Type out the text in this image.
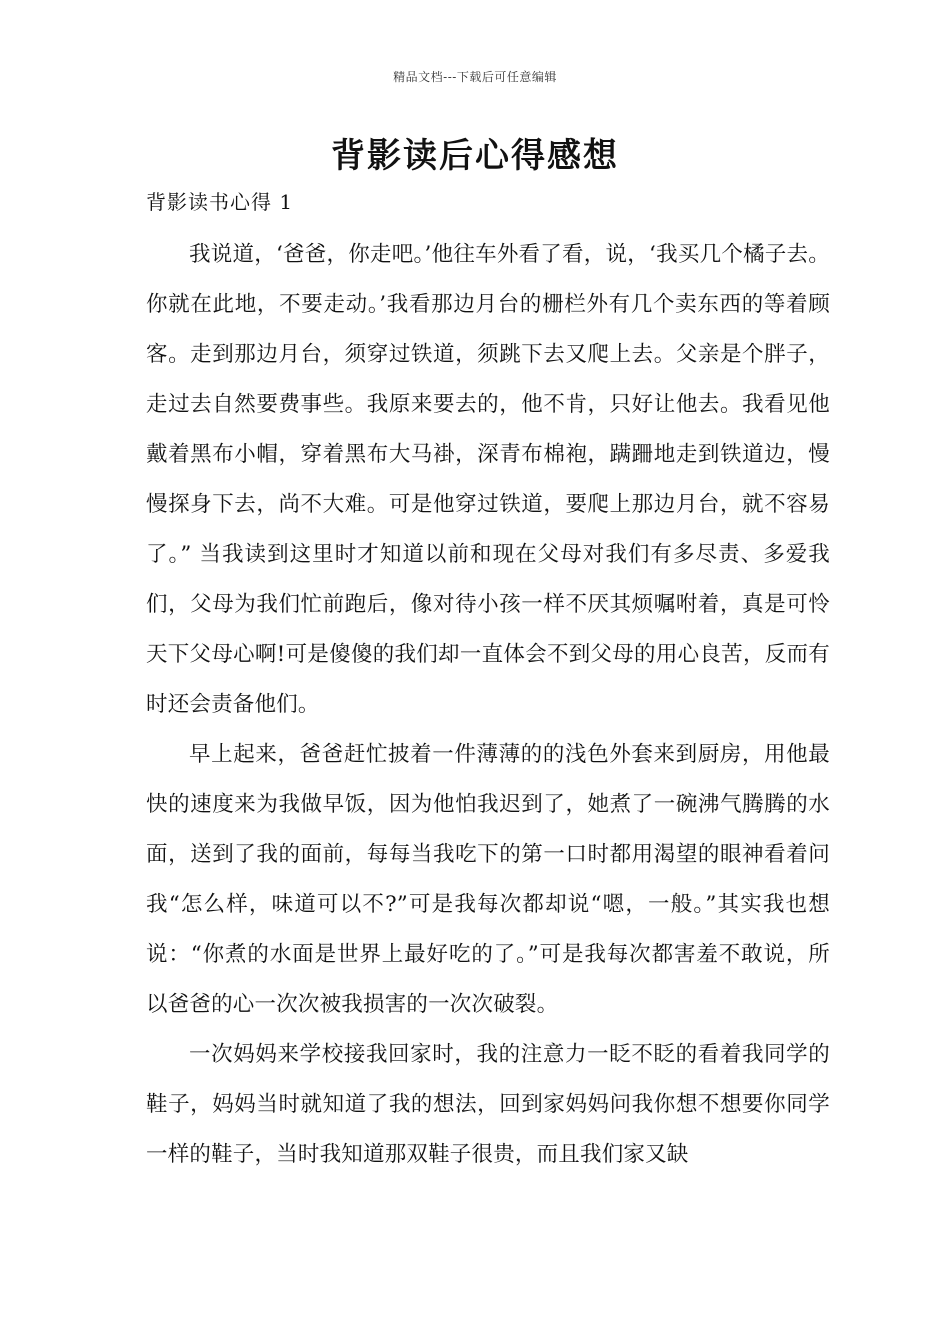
精品文档---下载后可任意编辑
背影读后心得感想
背影读书心得 1

我说道，‘爸爸，你走吧。’他往车外看了看，说，‘我买几个橘子去。你就在此地，不要走动。’我看那边月台的栅栏外有几个卖东西的等着顾客。走到那边月台，须穿过铁道，须跳下去又爬上去。父亲是个胖子，走过去自然要费事些。我原来要去的，他不肯，只好让他去。我看见他戴着黑布小帽，穿着黑布大马褂，深青布棉袍，蹒跚地走到铁道边，慢慢探身下去，尚不大难。可是他穿过铁道，要爬上那边月台，就不容易了。” 当我读到这里时才知道以前和现在父母对我们有多尽责、多爱我们，父母为我们忙前跑后，像对待小孩一样不厌其烦嘱咐着，真是可怜天下父母心啊!可是傻傻的我们却一直体会不到父母的用心良苦，反而有时还会责备他们。

早上起来，爸爸赶忙披着一件薄薄的的浅色外套来到厨房，用他最快的速度来为我做早饭，因为他怕我迟到了，她煮了一碗沸气腾腾的水面，送到了我的面前，每每当我吃下的第一口时都用渴望的眼神看着问我“怎么样，味道可以不?”可是我每次都却说“嗯，一般。”其实我也想说：“你煮的水面是世界上最好吃的了。”可是我每次都害羞不敢说，所以爸爸的心一次次被我损害的一次次破裂。

一次妈妈来学校接我回家时，我的注意力一眨不眨的看着我同学的鞋子，妈妈当时就知道了我的想法，回到家妈妈问我你想不想要你同学一样的鞋子，当时我知道那双鞋子很贵，而且我们家又缺
